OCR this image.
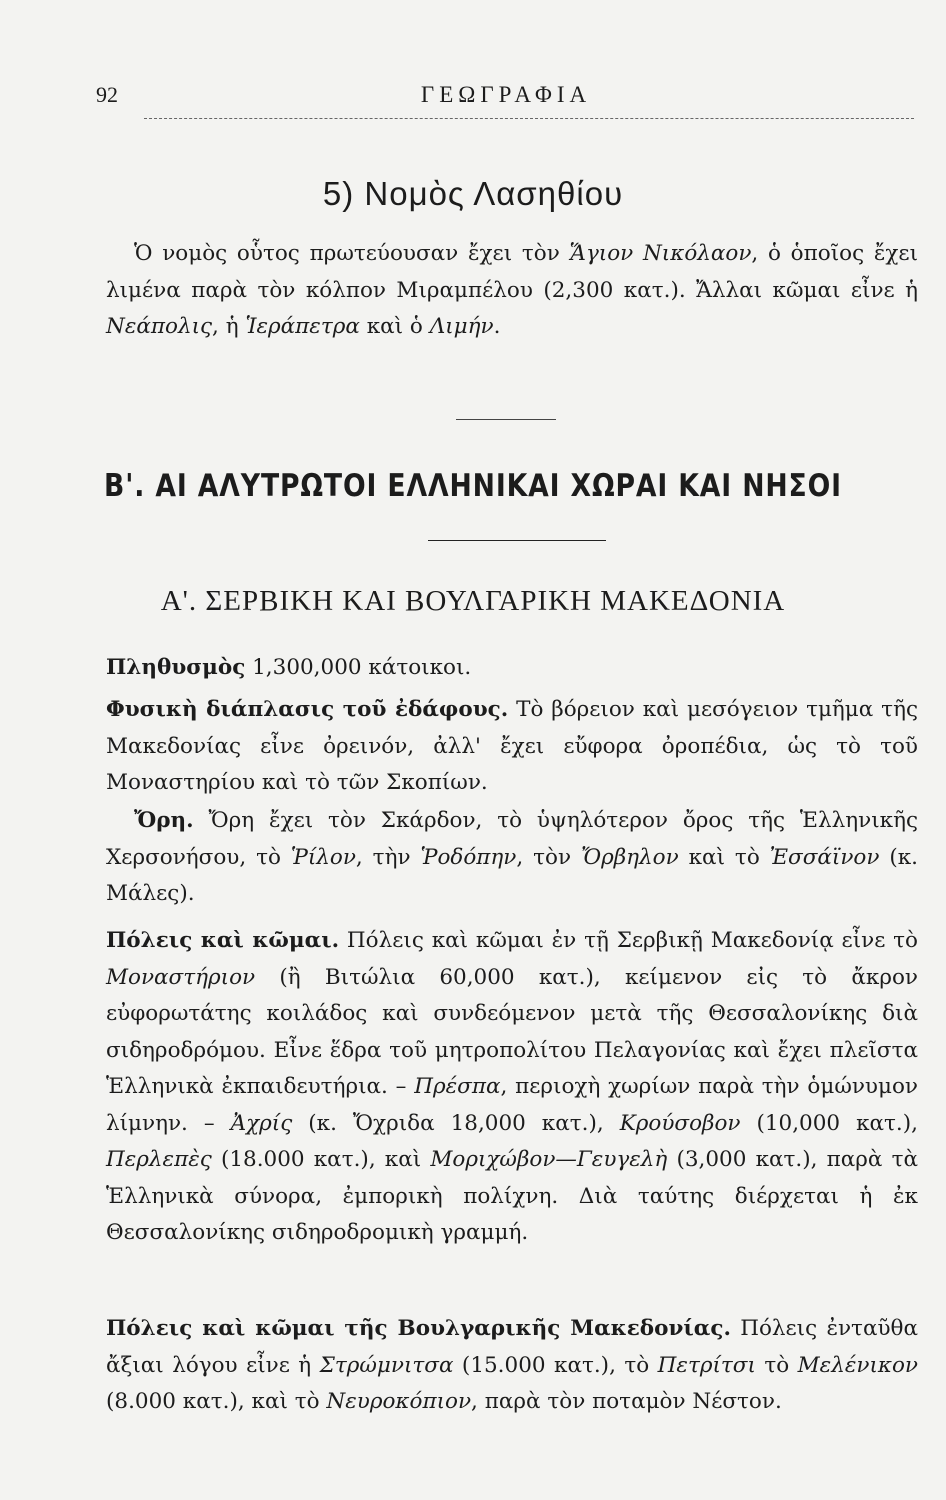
92	ΓΕΩΓΡΑΦΙΑ
5) Νομὸς Λασηθίου

Ὁ νομὸς οὗτος πρωτεύουσαν ἔχει τὸν Ἅγιον Νικόλαον, ὁ ὁποῖος ἔχει λιμένα παρὰ τὸν κόλπον Μιραμπέλου (2,300 κατ.). Ἄλλαι κῶμαι εἶνε ἡ Νεάπολις, ἡ Ἱεράπετρα καὶ ὁ Λιμήν.

Β'. ΑΙ ΑΛΥΤΡΩΤΟΙ ΕΛΛΗΝΙΚΑΙ ΧΩΡΑΙ ΚΑΙ ΝΗΣΟΙ
Α'. ΣΕΡΒΙΚΗ ΚΑΙ ΒΟΥΛΓΑΡΙΚΗ ΜΑΚΕΔΟΝΙΑ

Πληθυσμὸς 1,300,000 κάτοικοι.

Φυσικὴ διάπλασις τοῦ ἐδάφους. Τὸ βόρειον καὶ μεσόγειον τμῆμα τῆς Μακεδονίας εἶνε ὀρεινόν, ἀλλ' ἔχει εὔφορα ὀροπέδια, ὡς τὸ τοῦ Μοναστηρίου καὶ τὸ τῶν Σκοπίων.

Ὄρη. Ὄρη ἔχει τὸν Σκάρδον, τὸ ὑψηλότερον ὄρος τῆς Ἑλληνικῆς Χερσονήσου, τὸ Ῥίλον, τὴν Ῥοδόπην, τὸν Ὄρβηλον καὶ τὸ Ἐσσάϊνον (κ. Μάλες).

Πόλεις καὶ κῶμαι. Πόλεις καὶ κῶμαι ἐν τῇ Σερβικῇ Μακεδονίᾳ εἶνε τὸ Μοναστήριον (ἢ Βιτώλια 60,000 κατ.), κείμενον εἰς τὸ ἄκρον εὐφορωτάτης κοιλάδος καὶ συνδεόμενον μετὰ τῆς Θεσσαλονίκης διὰ σιδηροδρόμου. Εἶνε ἕδρα τοῦ μητροπολίτου Πελαγονίας καὶ ἔχει πλεῖστα Ἑλληνικὰ ἐκπαιδευτήρια. – Πρέσπα, περιοχὴ χωρίων παρὰ τὴν ὁμώνυμον λίμνην. – Ἀχρίς (κ. Ὄχριδα 18,000 κατ.), Κρούσοβον (10,000 κατ.), Περλεπὲς (18.000 κατ.), καὶ Μοριχώβον—Γευγελὴ (3,000 κατ.), παρὰ τὰ Ἑλληνικὰ σύνορα, ἐμπορικὴ πολίχνη. Διὰ ταύτης διέρχεται ἡ ἐκ Θεσσαλονίκης σιδηροδρομικὴ γραμμή.

Πόλεις καὶ κῶμαι τῆς Βουλγαρικῆς Μακεδονίας. Πόλεις ἐνταῦθα ἄξιαι λόγου εἶνε ἡ Στρώμνιτσα (15.000 κατ.), τὸ Πετρίτσι τὸ Μελένικον (8.000 κατ.), καὶ τὸ Νευροκόπιον, παρὰ τὸν ποταμὸν Νέστον.
